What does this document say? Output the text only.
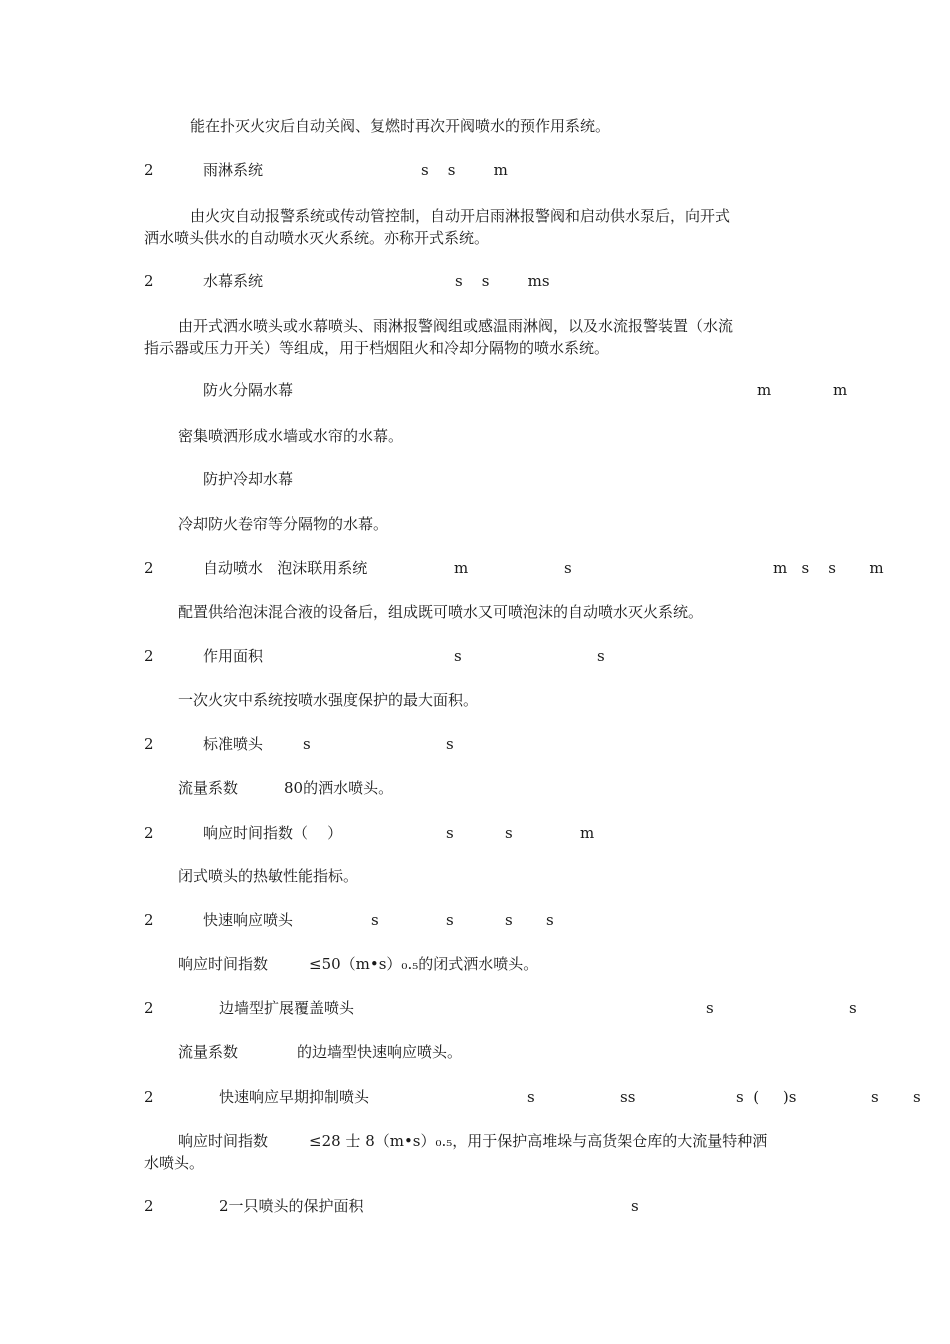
能在扑灭火灾后自动关阀、复燃时再次开阀喷水的预作用系统。
2	雨淋系统	s    s        m
由火灾自动报警系统或传动管控制，自动开启雨淋报警阀和启动供水泵后，向开式
洒水喷头供水的自动喷水灭火系统。亦称开式系统。
2	水幕系统	s    s        ms
由开式洒水喷头或水幕喷头、雨淋报警阀组或感温雨淋阀，以及水流报警装置（水流
指示器或压力开关）等组成，用于档烟阻火和冷却分隔物的喷水系统。
防火分隔水幕	m	m
密集喷洒形成水墙或水帘的水幕。
防护冷却水幕
冷却防火卷帘等分隔物的水幕。
2	自动喷水   泡沫联用系统	m	s	m   s    s       m
配置供给泡沫混合液的设备后，组成既可喷水又可喷泡沫的自动喷水灭火系统。
2	作用面积	s	s
一次火灾中系统按喷水强度保护的最大面积。
2	标准喷头	s	s
流量系数	80的洒水喷头。
2	响应时间指数（    ）	s	s	m
闭式喷头的热敏性能指标。
2	快速响应喷头	s	s	s s
响应时间指数	≤50（m•s）₀.₅的闭式洒水喷头。
2	边墙型扩展覆盖喷头	s	s
流量系数	的边墙型快速响应喷头。
2	快速响应早期抑制喷头	s	ss	s  (     )s	s s
响应时间指数	≤28 士 8（m•s）₀.₅，用于保护高堆垛与高货架仓库的大流量特种洒
水喷头。
2	2一只喷头的保护面积	s
